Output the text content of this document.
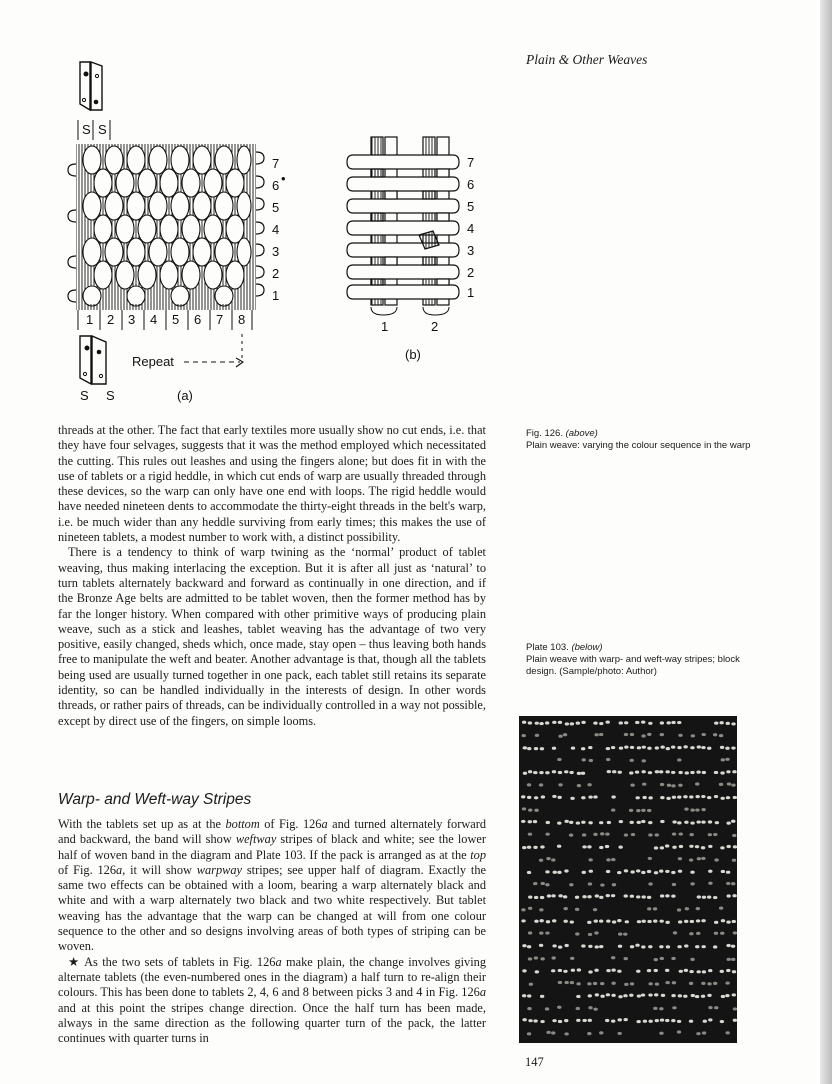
Plain & Other Weaves
S S
7
6 •
5
4
3
2
1
1 2 3 4 5 6 7 8
Repeat
S S	(a)
7
6
5
4
3
2
1
1	2
(b)

threads at the other. The fact that early textiles more usually show no cut ends, i.e. that they have four selvages, suggests that it was the method employed which necessitated the cutting. This rules out leashes and using the fingers alone; but does fit in with the use of tablets or a rigid heddle, in which cut ends of warp are usually threaded through these devices, so the warp can only have one end with loops. The rigid heddle would have needed nineteen dents to accommodate the thirty-eight threads in the belt's warp, i.e. be much wider than any heddle surviving from early times; this makes the use of nineteen tablets, a modest number to work with, a distinct possibility.

There is a tendency to think of warp twining as the ‘normal’ product of tablet weaving, thus making interlacing the exception. But it is after all just as ‘natural’ to turn tablets alternately backward and forward as continually in one direction, and if the Bronze Age belts are admitted to be tablet woven, then the former method has by far the longer history. When compared with other primitive ways of producing plain weave, such as a stick and leashes, tablet weaving has the advantage of two very positive, easily changed, sheds which, once made, stay open – thus leaving both hands free to manipulate the weft and beater. Another advantage is that, though all the tablets being used are usually turned together in one pack, each tablet still retains its separate identity, so can be handled individually in the interests of design. In other words threads, or rather pairs of threads, can be individually controlled in a way not possible, except by direct use of the fingers, on simple looms.

Warp- and Weft-way Stripes

With the tablets set up as at the bottom of Fig. 126a and turned alternately forward and backward, the band will show weftway stripes of black and white; see the lower half of woven band in the diagram and Plate 103. If the pack is arranged as at the top of Fig. 126a, it will show warpway stripes; see upper half of diagram. Exactly the same two effects can be obtained with a loom, bearing a warp alternately black and white and with a warp alternately two black and two white respectively. But tablet weaving has the advantage that the warp can be changed at will from one colour sequence to the other and so designs involving areas of both types of striping can be woven.

★ As the two sets of tablets in Fig. 126a make plain, the change involves giving alternate tablets (the even-numbered ones in the diagram) a half turn to re-align their colours. This has been done to tablets 2, 4, 6 and 8 between picks 3 and 4 in Fig. 126a and at this point the stripes change direction. Once the half turn has been made, always in the same direction as the following quarter turn of the pack, the latter continues with quarter turns in

Fig. 126. (above)
Plain weave: varying the colour sequence in the warp
Plate 103. (below)
Plain weave with warp- and weft-way stripes; block design. (Sample/photo: Author)
147
